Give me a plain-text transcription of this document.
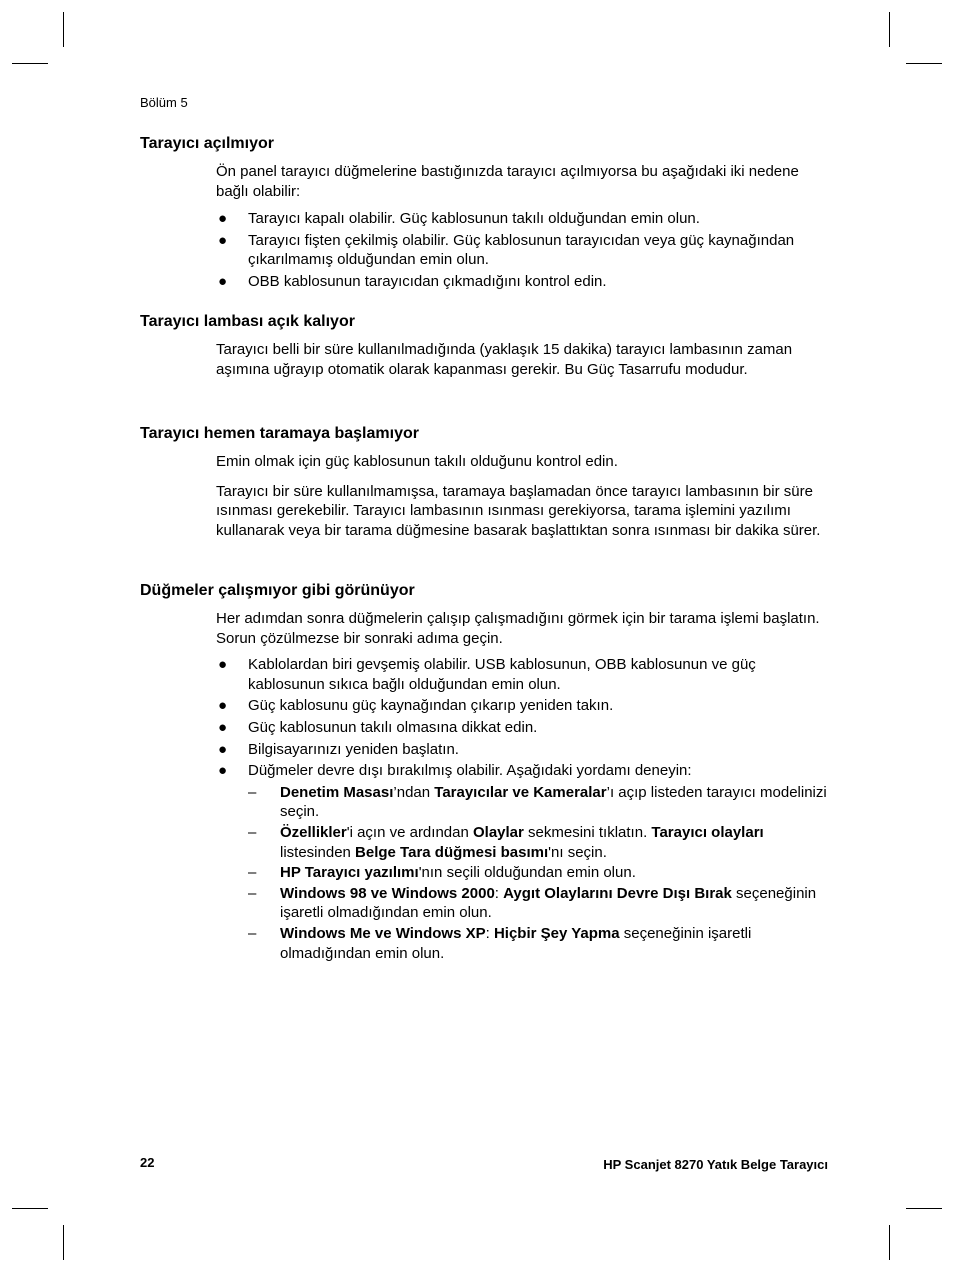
Bölüm 5
Tarayıcı açılmıyor

Ön panel tarayıcı düğmelerine bastığınızda tarayıcı açılmıyorsa bu aşağıdaki iki nedene bağlı olabilir:

● Tarayıcı kapalı olabilir. Güç kablosunun takılı olduğundan emin olun.
● Tarayıcı fişten çekilmiş olabilir. Güç kablosunun tarayıcıdan veya güç kaynağından çıkarılmamış olduğundan emin olun.
● OBB kablosunun tarayıcıdan çıkmadığını kontrol edin.
Tarayıcı lambası açık kalıyor

Tarayıcı belli bir süre kullanılmadığında (yaklaşık 15 dakika) tarayıcı lambasının zaman aşımına uğrayıp otomatik olarak kapanması gerekir. Bu Güç Tasarrufu modudur.

Tarayıcı hemen taramaya başlamıyor

Emin olmak için güç kablosunun takılı olduğunu kontrol edin.

Tarayıcı bir süre kullanılmamışsa, taramaya başlamadan önce tarayıcı lambasının bir süre ısınması gerekebilir. Tarayıcı lambasının ısınması gerekiyorsa, tarama işlemini yazılımı kullanarak veya bir tarama düğmesine basarak başlattıktan sonra ısınması bir dakika sürer.

Düğmeler çalışmıyor gibi görünüyor

Her adımdan sonra düğmelerin çalışıp çalışmadığını görmek için bir tarama işlemi başlatın. Sorun çözülmezse bir sonraki adıma geçin.

● Kablolardan biri gevşemiş olabilir. USB kablosunun, OBB kablosunun ve güç kablosunun sıkıca bağlı olduğundan emin olun.
● Güç kablosunu güç kaynağından çıkarıp yeniden takın.
● Güç kablosunun takılı olmasına dikkat edin.
● Bilgisayarınızı yeniden başlatın.
● Düğmeler devre dışı bırakılmış olabilir. Aşağıdaki yordamı deneyin:
– Denetim Masası’ndan Tarayıcılar ve Kameralar’ı açıp listeden tarayıcı modelinizi seçin.
– Özellikler'i açın ve ardından Olaylar sekmesini tıklatın. Tarayıcı olayları listesinden Belge Tara düğmesi basımı'nı seçin.
– HP Tarayıcı yazılımı'nın seçili olduğundan emin olun.
– Windows 98 ve Windows 2000: Aygıt Olaylarını Devre Dışı Bırak seçeneğinin işaretli olmadığından emin olun.
– Windows Me ve Windows XP: Hiçbir Şey Yapma seçeneğinin işaretli olmadığından emin olun.
22	HP Scanjet 8270 Yatık Belge Tarayıcı
